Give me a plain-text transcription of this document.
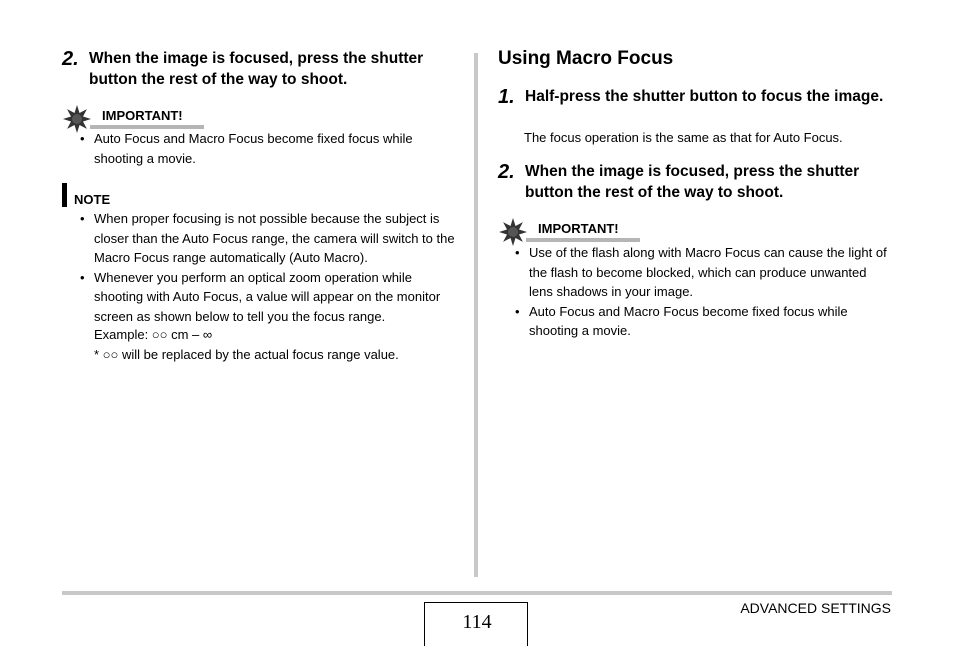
2. When the image is focused, press the shutter button the rest of the way to shoot.
IMPORTANT!
• Auto Focus and Macro Focus become fixed focus while shooting a movie.
NOTE
• When proper focusing is not possible because the subject is closer than the Auto Focus range, the camera will switch to the Macro Focus range automatically (Auto Macro).
• Whenever you perform an optical zoom operation while shooting with Auto Focus, a value will appear on the monitor screen as shown below to tell you the focus range.
Example: ○○ cm – ∞
* ○○ will be replaced by the actual focus range value.
Using Macro Focus
1. Half-press the shutter button to focus the image.
The focus operation is the same as that for Auto Focus.
2. When the image is focused, press the shutter button the rest of the way to shoot.
IMPORTANT!
• Use of the flash along with Macro Focus can cause the light of the flash to become blocked, which can produce unwanted lens shadows in your image.
• Auto Focus and Macro Focus become fixed focus while shooting a movie.
114
ADVANCED SETTINGS
